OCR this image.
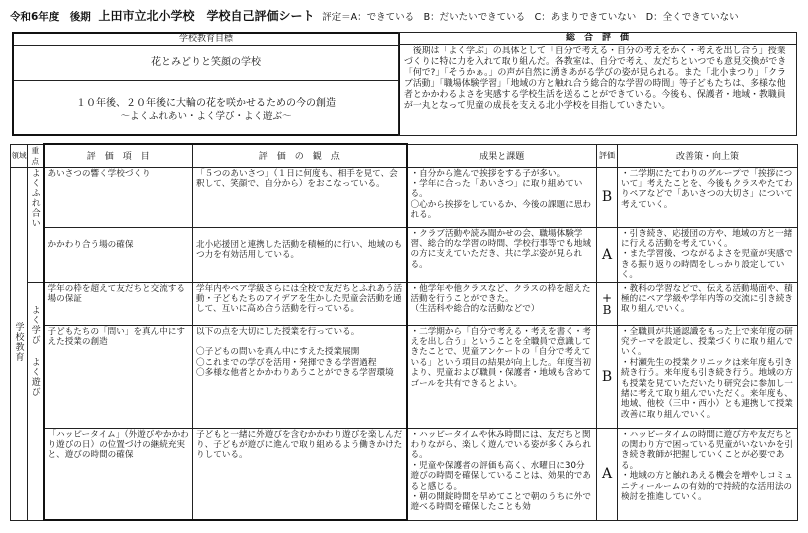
令和6年度　後期 上田市立北小学校　学校自己評価シート 評定＝A：できている　B：だいたいできている　C：あまりできていない　D：全くできていない
学校教育目標
花とみどりと笑顔の学校
１０年後、２０年後に大輪の花を咲かせるための今の創造
～よくふれあい・よく学び・よく遊ぶ～
総　合　評　価
　後期は「よく学ぶ」の具体として「自分で考える・自分の考えをかく・考えを出し合う」授業づくりに特に力を入れて取り組んだ。各教室は、自分で考え、友だちといつでも意見交換ができ「何で?」「そうかぁ。」の声が自然に湧きあがる学びの姿が見られる。また「北小まつり」「クラブ活動」「職場体験学習」「地域の方と触れ合う総合的な学習の時間」等子どもたちは、多様な他者とかかわるよさを実感する学校生活を送ることができている。今後も、保護者・地域・教職員が一丸となって児童の成長を支える北小学校を目指していきたい。
領域	重点	評　価　項　目	評　価　の　観　点	成果と課題	評価	改善策・向上策
学校教育	よくふれ合い	あいさつの響く学校づくり	「５つのあいさつ」（１日に何度も、相手を見て、会釈して、笑顔で、自分から）をおこなっている。	・自分から進んで挨拶をする子が多い。
・学年に合った「あいさつ」に取り組めている。
〇心から挨拶をしているか、今後の課題に思われる。	B	・二学期にたてわりのグループで「挨拶について」考えたことを、今後もクラスやたてわりペアなどで「あいさつの大切さ」について考えていく。
		かかわり合う場の確保	北小応援団と連携した活動を積極的に行い、地域のもつ力を有効活用している。	・クラブ活動や読み聞かせの会、職場体験学習、総合的な学習の時間、学校行事等でも地域の方に支えていただき、共に学ぶ姿が見られる。	A	・引き続き、応援団の方や、地域の方と一緒に行える活動を考えていく。
・また学習後、つながるよさを児童が実感できる振り返りの時間をしっかり設定していく。
	よく学び よく遊び	学年の枠を超えて友だちと交流する場の保証	学年内やペア学級さらには全校で友だちとふれあう活動・子どもたちのアイデアを生かした児童会活動を通して、互いに高め合う活動を行っている。	・他学年や他クラスなど、クラスの枠を超えた活動を行うことができた。
（生活科や総合的な活動などで）	+
B	・教科の学習などで、伝える活動場面や、積極的にペア学級や学年内等の交流に引き続き取り組んでいく。
		子どもたちの「問い」を真ん中にすえた授業の創造	以下の点を大切にした授業を行っている。

〇子どもの問いを真ん中にすえた授業展開
〇これまでの学びを活用・発揮できる学習過程
〇多様な他者とかかわりあうことができる学習環境	・二学期から「自分で考える・考えを書く・考えを出し合う」ということを全職員で意識してきたことで、児童アンケートの「自分で考えている」という項目の結果が向上した。年度当初より、児童および職員・保護者・地域も含めてゴールを共有できるとよい。	B	・全職員が共通認識をもった上で来年度の研究テーマを設定し、授業づくりに取り組んでいく。
・村瀬先生の授業クリニックは来年度も引き続き行う。来年度も引き続き行う。地域の方も授業を見ていただいたり研究会に参加し一緒に考えて取り組んでいただく。来年度も、地域、他校（三中・西小）とも連携して授業改善に取り組んでいく。
		「ハッピータイム」（外遊びやかかわり遊びの日）の位置づけの継続充実と、遊びの時間の確保	子どもと一緒に外遊びを含むかかわり遊びを楽しんだり、子どもが遊びに進んで取り組めるよう働きかけたりしている。	・ハッピータイムや休み時間には、友だちと関わりながら、楽しく遊んでいる姿が多くみられる。
・児童や保護者の評価も高く、水曜日に30分遊びの時間を確保していることは、効果的であると感じる。
・朝の開錠時間を早めてことで朝のうちに外で遊べる時間を確保したことも効	A	・ハッピータイムの時間に遊び方や友だちとの関わり方で困っている児童がいないかを引き続き教師が把握していくことが必要である。
・地域の方と触れあえる機会を増やしコミュニティールームの有効的で持続的な活用法の検討を推進していく。
